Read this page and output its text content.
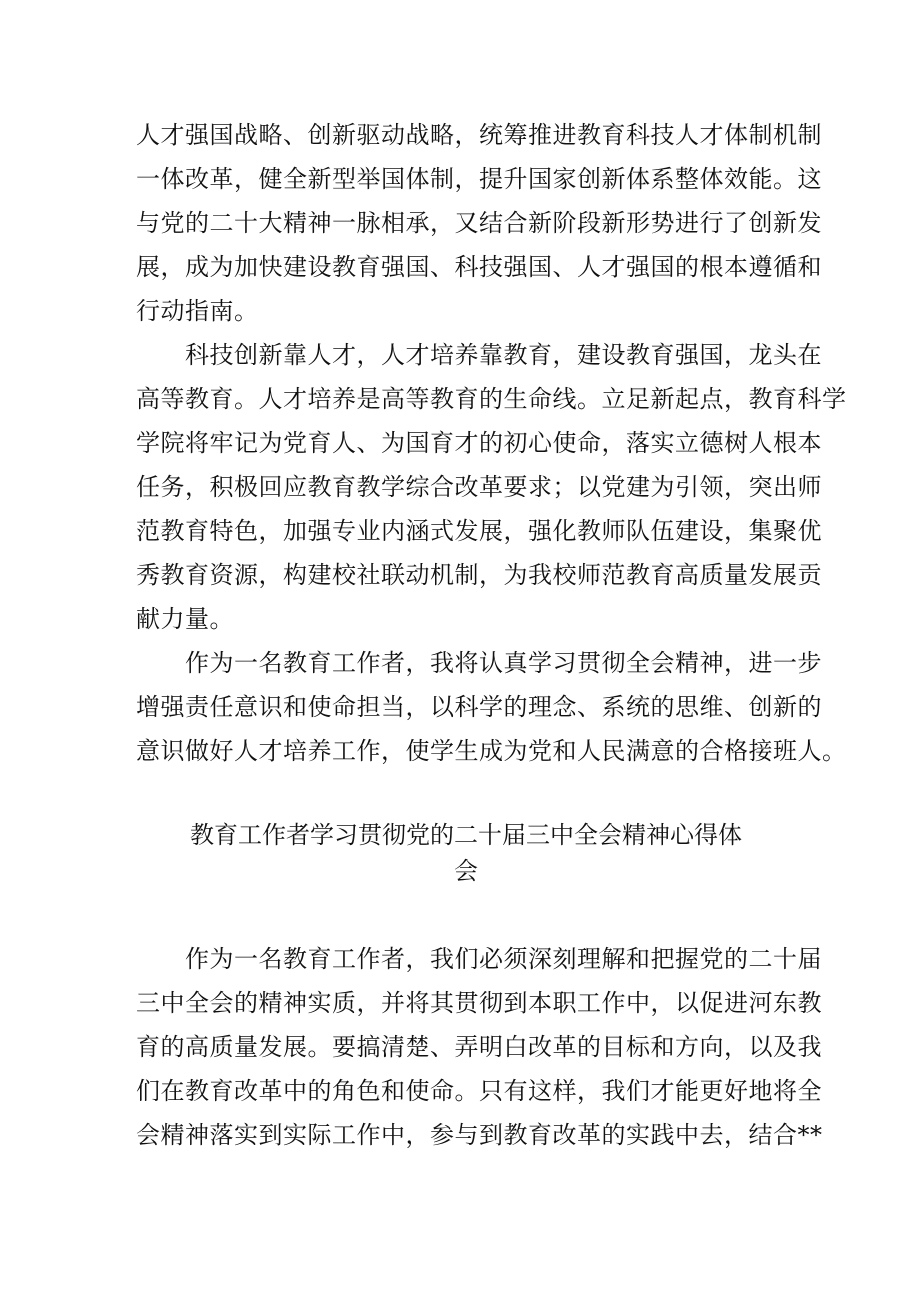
人才强国战略、创新驱动战略，统筹推进教育科技人才体制机制
一体改革，健全新型举国体制，提升国家创新体系整体效能。这
与党的二十大精神一脉相承，又结合新阶段新形势进行了创新发
展，成为加快建设教育强国、科技强国、人才强国的根本遵循和
行动指南。
　　科技创新靠人才，人才培养靠教育，建设教育强国，龙头在
高等教育。人才培养是高等教育的生命线。立足新起点，教育科学
学院将牢记为党育人、为国育才的初心使命，落实立德树人根本
任务，积极回应教育教学综合改革要求；以党建为引领，突出师
范教育特色，加强专业内涵式发展，强化教师队伍建设，集聚优
秀教育资源，构建校社联动机制，为我校师范教育高质量发展贡
献力量。
　　作为一名教育工作者，我将认真学习贯彻全会精神，进一步
增强责任意识和使命担当，以科学的理念、系统的思维、创新的
意识做好人才培养工作，使学生成为党和人民满意的合格接班人。
教育工作者学习贯彻党的二十届三中全会精神心得体
会
　　作为一名教育工作者，我们必须深刻理解和把握党的二十届
三中全会的精神实质，并将其贯彻到本职工作中，以促进河东教
育的高质量发展。要搞清楚、弄明白改革的目标和方向，以及我
们在教育改革中的角色和使命。只有这样，我们才能更好地将全
会精神落实到实际工作中，参与到教育改革的实践中去，结合**
